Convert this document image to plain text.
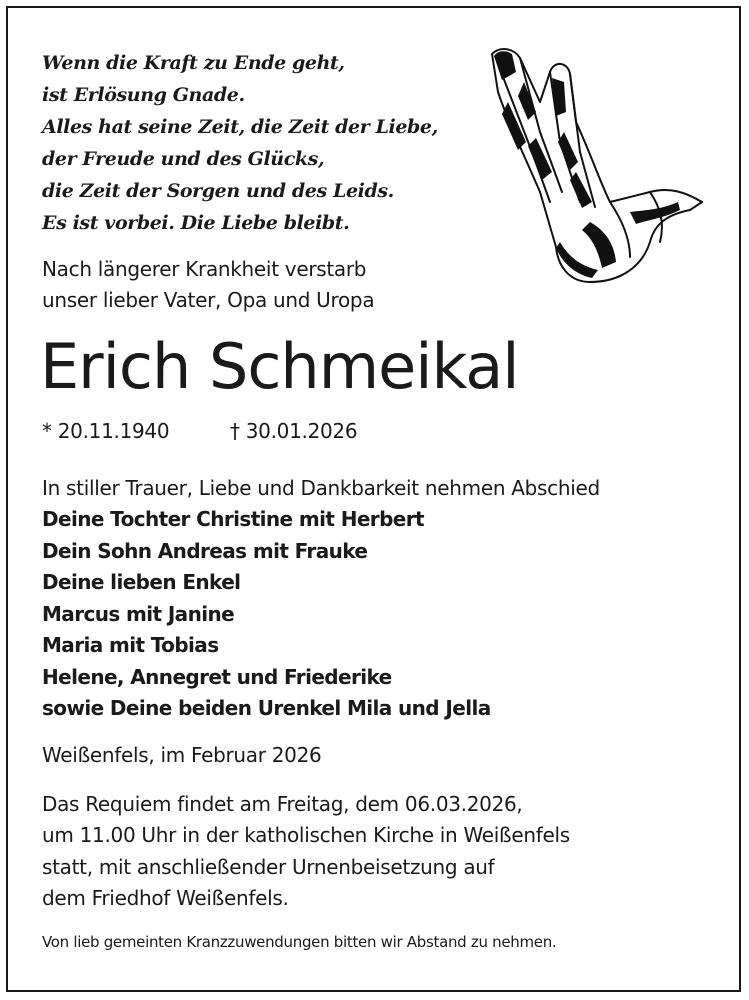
Wenn die Kraft zu Ende geht,
ist Erlösung Gnade.
Alles hat seine Zeit, die Zeit der Liebe,
der Freude und des Glücks,
die Zeit der Sorgen und des Leids.
Es ist vorbei. Die Liebe bleibt.
Nach längerer Krankheit verstarb
unser lieber Vater, Opa und Uropa
Erich Schmeikal
* 20.11.1940	† 30.01.2026
In stiller Trauer, Liebe und Dankbarkeit nehmen Abschied
Deine Tochter Christine mit Herbert
Dein Sohn Andreas mit Frauke
Deine lieben Enkel
Marcus mit Janine
Maria mit Tobias
Helene, Annegret und Friederike
sowie Deine beiden Urenkel Mila und Jella
Weißenfels, im Februar 2026
Das Requiem findet am Freitag, dem 06.03.2026,
um 11.00 Uhr in der katholischen Kirche in Weißenfels
statt, mit anschließender Urnenbeisetzung auf
dem Friedhof Weißenfels.
Von lieb gemeinten Kranzzuwendungen bitten wir Abstand zu nehmen.
